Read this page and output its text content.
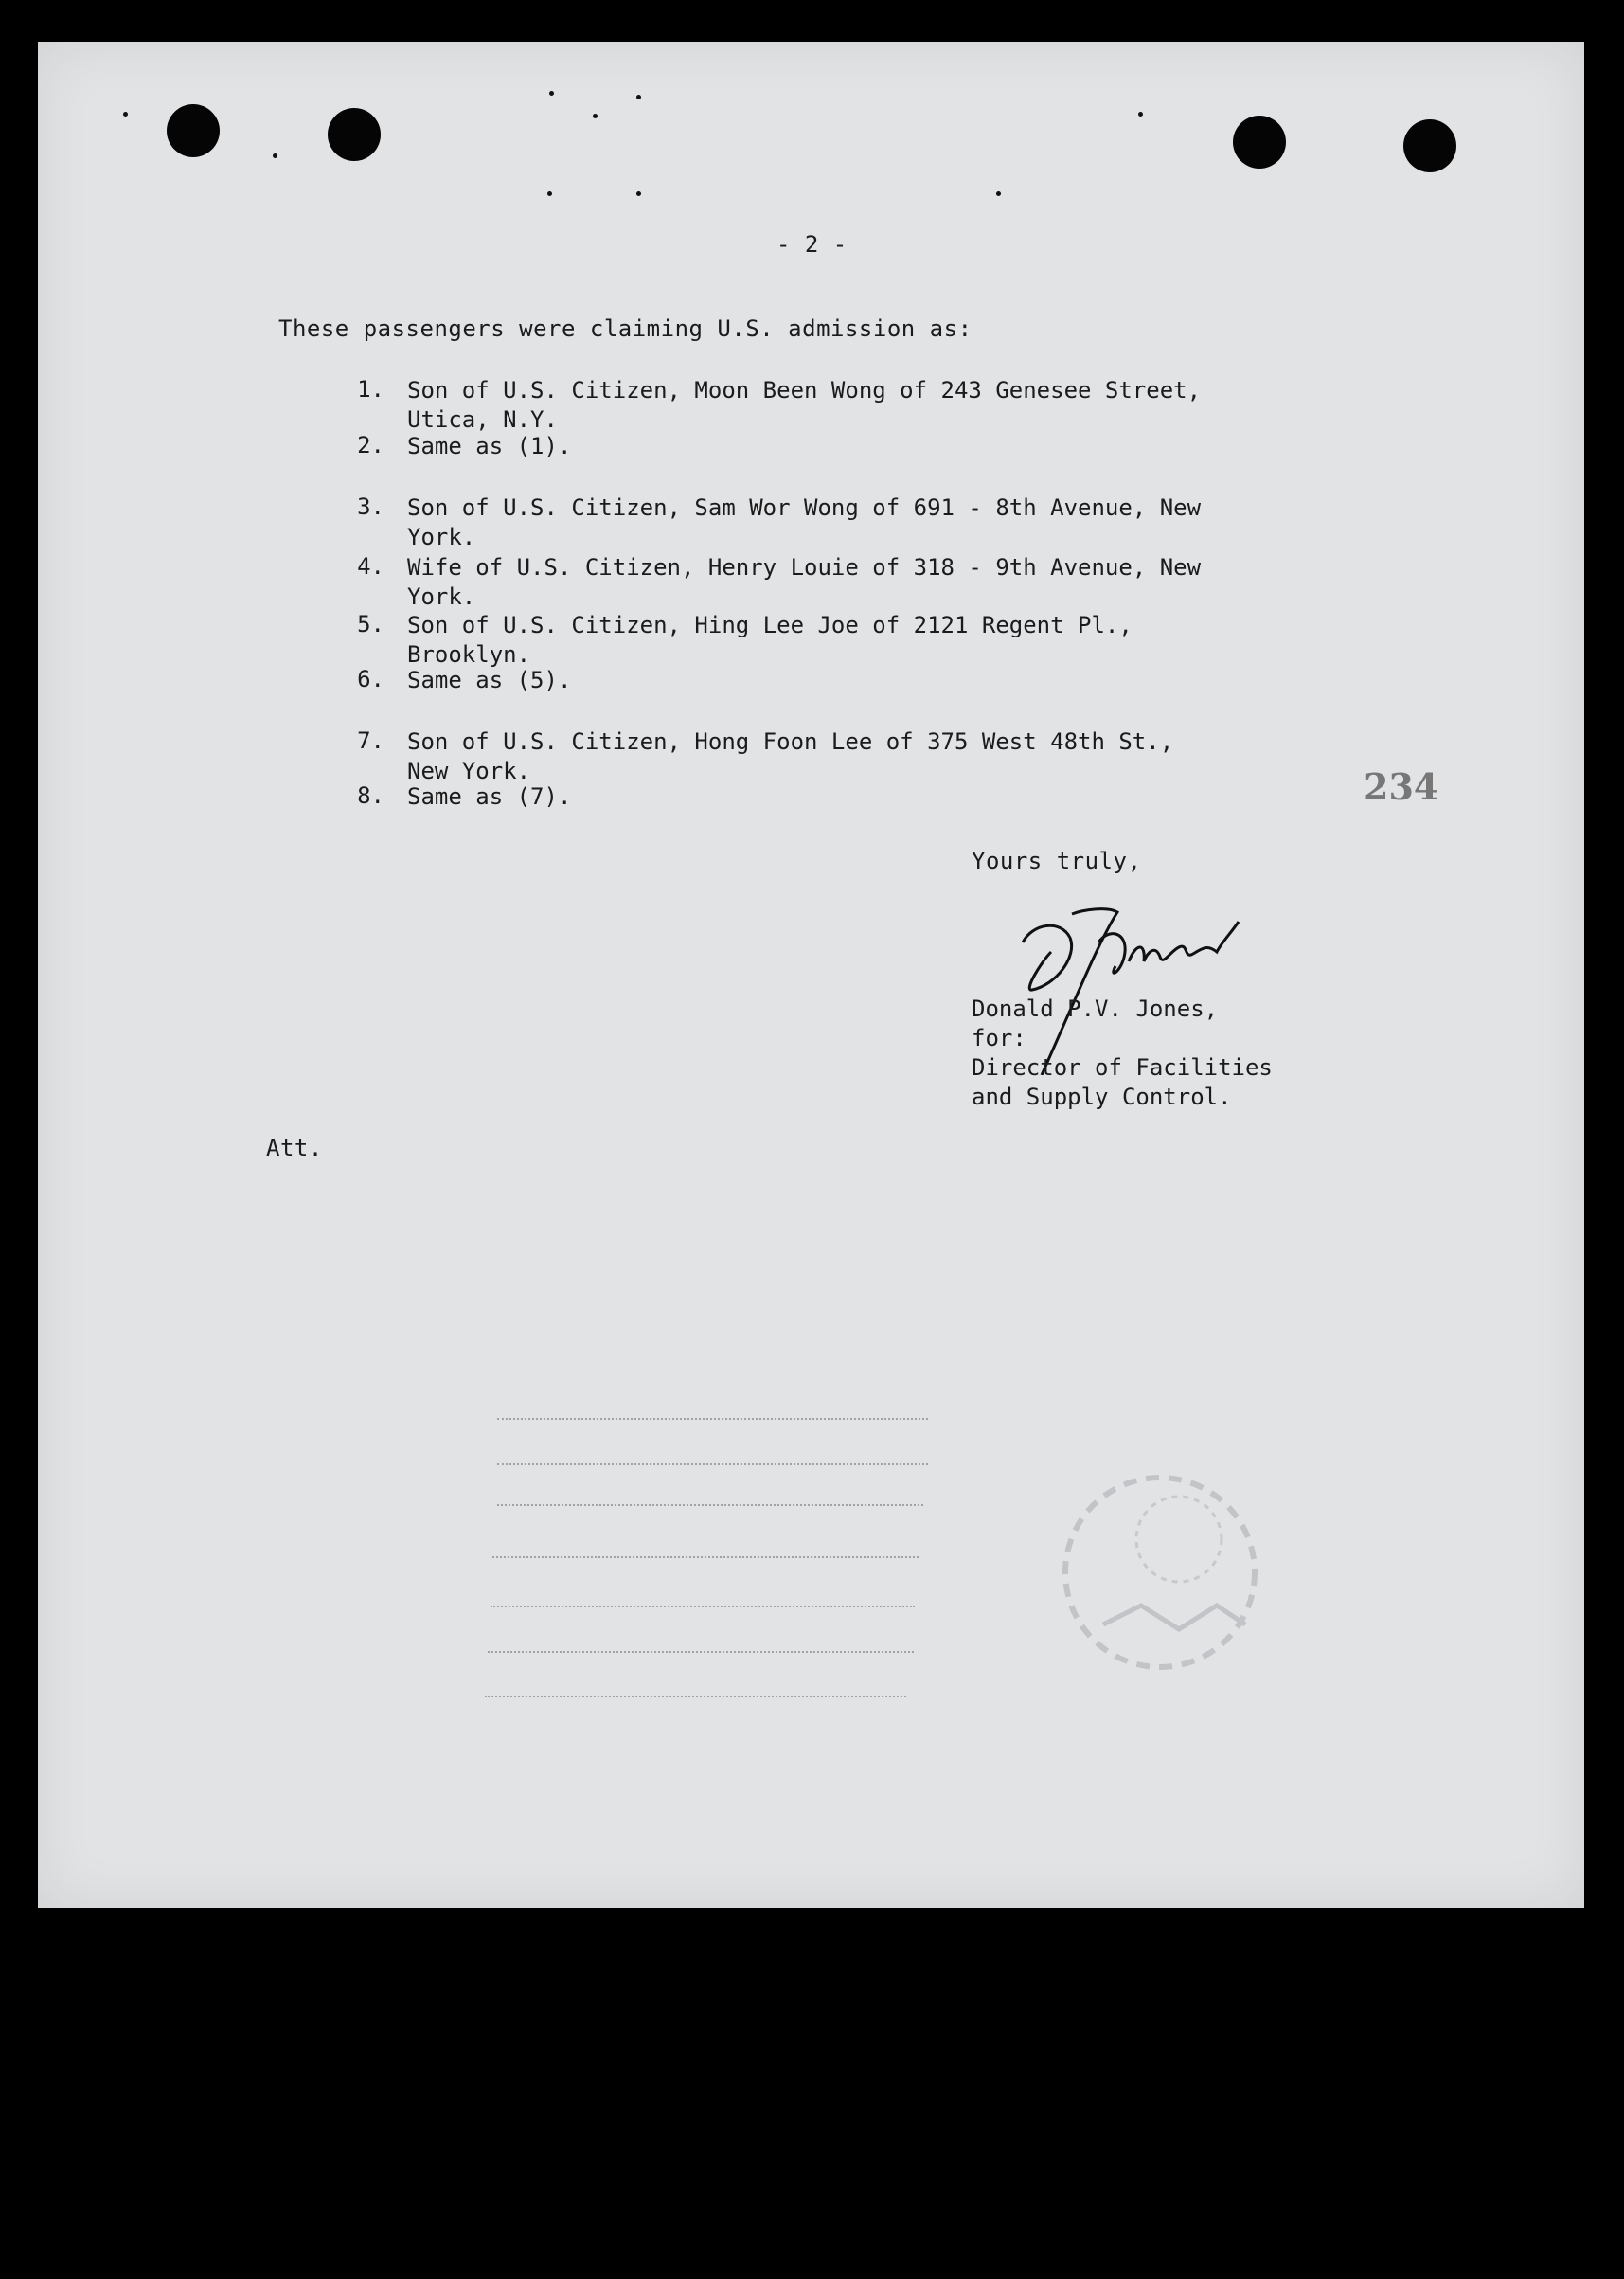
- 2 -
These passengers were claiming U.S. admission as:
1. Son of U.S. Citizen, Moon Been Wong of 243 Genesee Street,
Utica, N.Y.
2. Same as (1).
3. Son of U.S. Citizen, Sam Wor Wong of 691 - 8th Avenue, New
York.
4. Wife of U.S. Citizen, Henry Louie of 318 - 9th Avenue, New
York.
5. Son of U.S. Citizen, Hing Lee Joe of 2121 Regent Pl.,
Brooklyn.
6. Same as (5).
7. Son of U.S. Citizen, Hong Foon Lee of 375 West 48th St.,
New York.
8. Same as (7).	234
Yours truly,
Donald P.V. Jones,
for:
Director of Facilities
and Supply Control.
Att.
